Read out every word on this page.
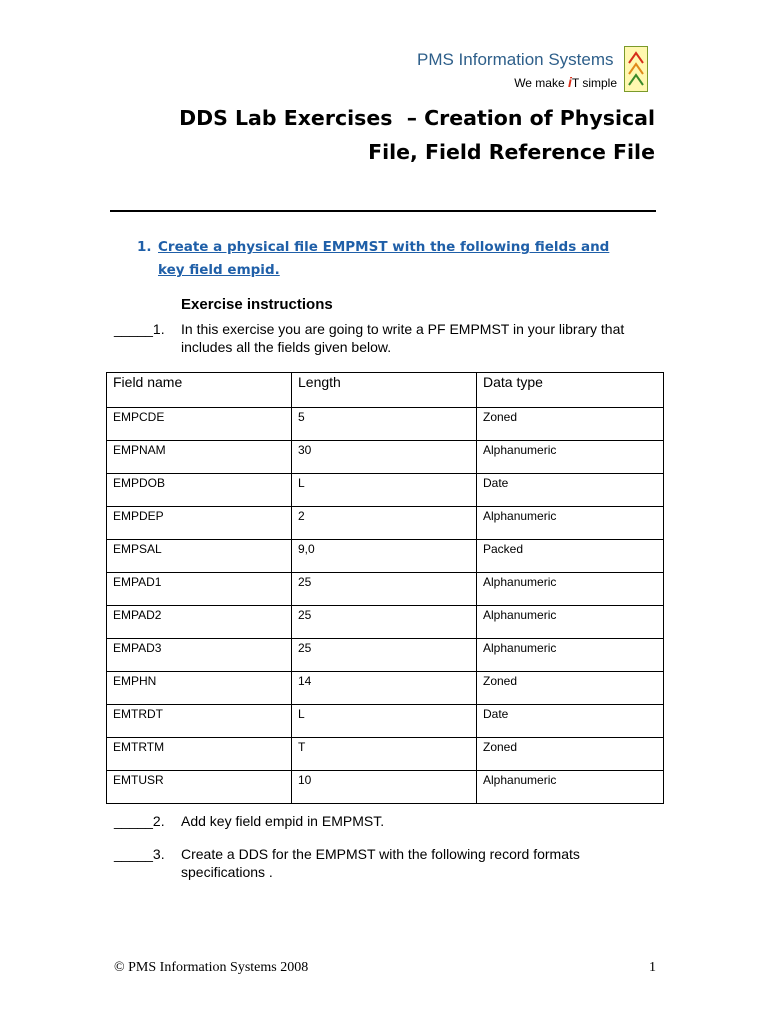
PMS Information Systems
We make iT simple
DDS Lab Exercises  – Creation of Physical
File, Field Reference File
1. Create a physical file EMPMST with the following fields and key field empid.
Exercise instructions
_____1. In this exercise you are going to write a PF EMPMST in your library that includes all the fields given below.
Field name	Length	Data type
EMPCDE	5	Zoned
EMPNAM	30	Alphanumeric
EMPDOB	L	Date
EMPDEP	2	Alphanumeric
EMPSAL	9,0	Packed
EMPAD1	25	Alphanumeric
EMPAD2	25	Alphanumeric
EMPAD3	25	Alphanumeric
EMPHN	14	Zoned
EMTRDT	L	Date
EMTRTM	T	Zoned
EMTUSR	10	Alphanumeric
_____2. Add key field empid in EMPMST.
_____3. Create a DDS for the EMPMST with the following record formats specifications .
© PMS Information Systems 2008	1
